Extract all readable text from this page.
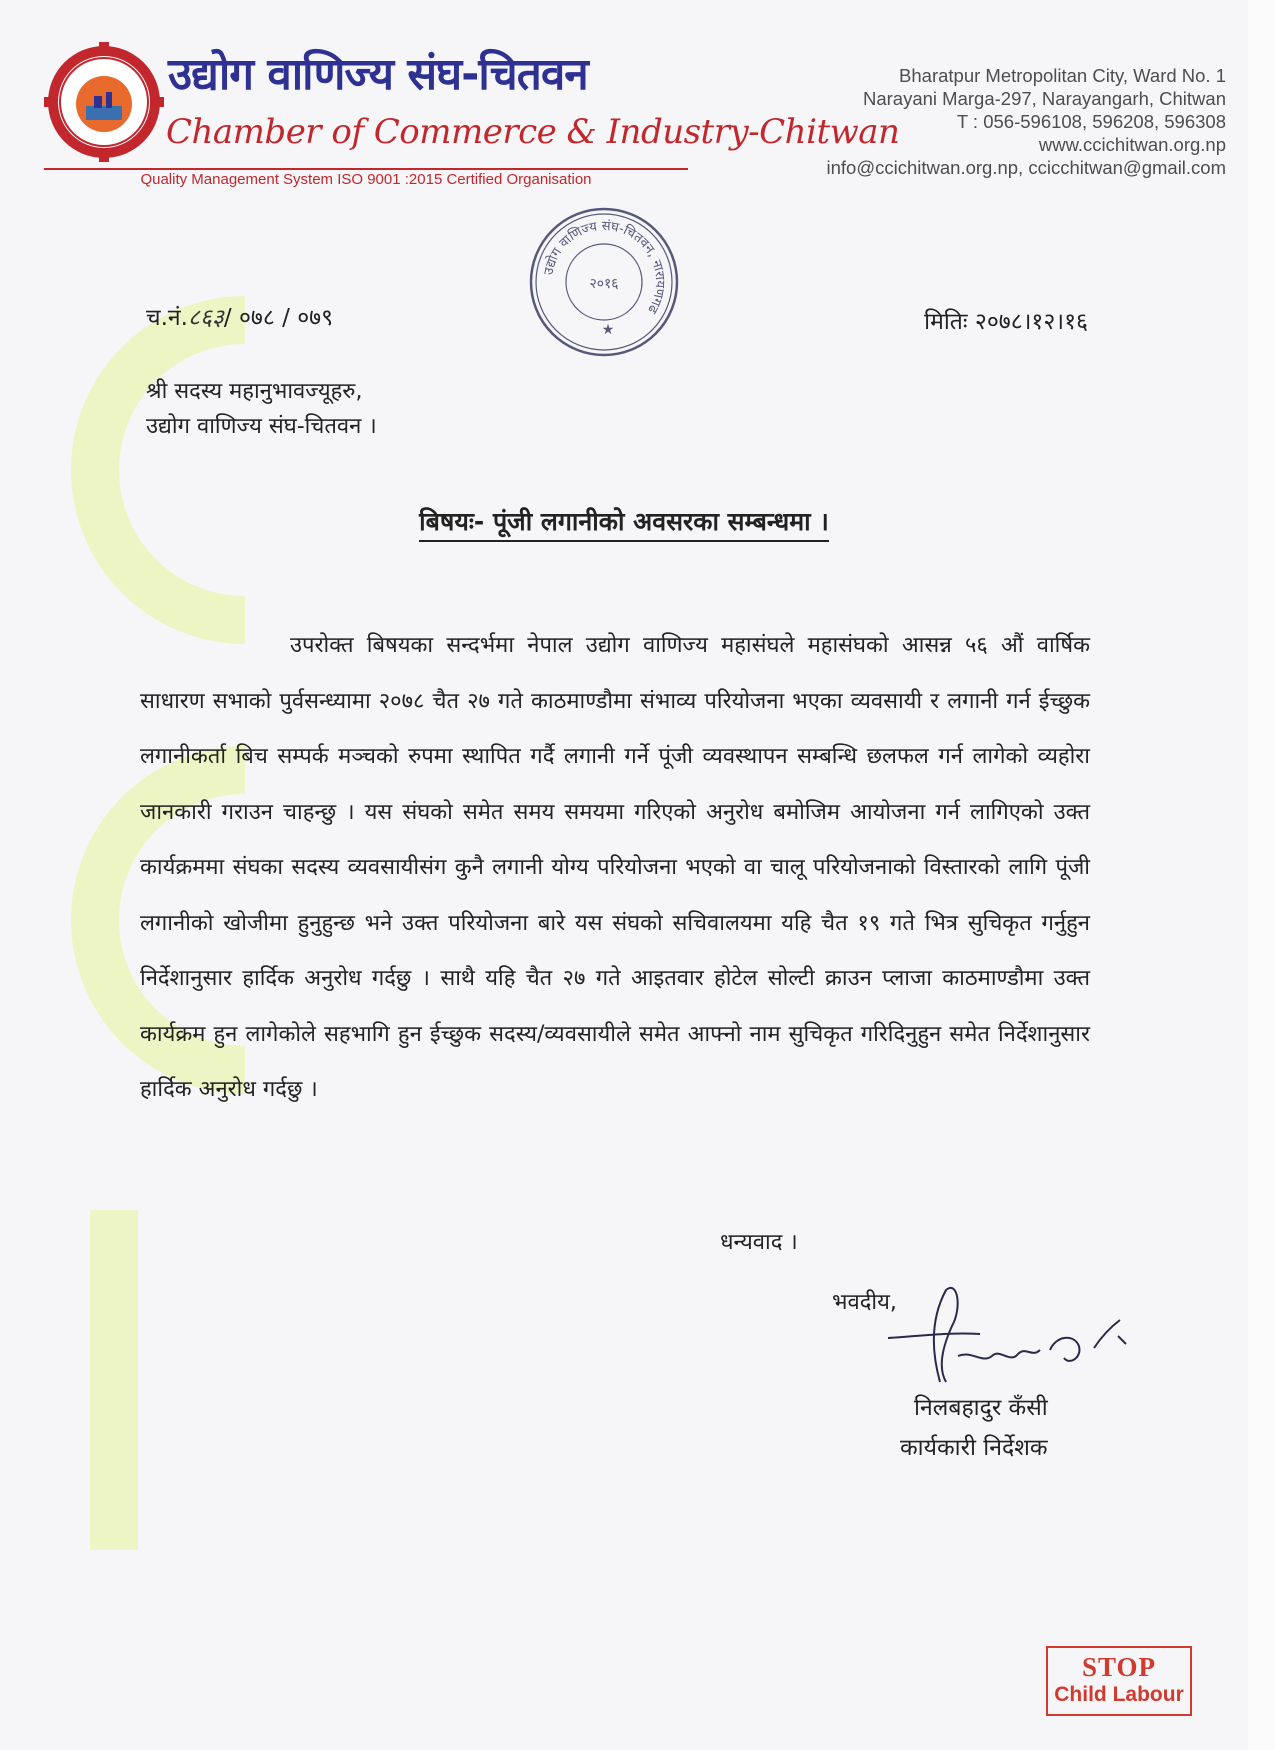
उद्योग वाणिज्य संघ-चितवन
Chamber of Commerce & Industry-Chitwan
Quality Management System ISO 9001 :2015 Certified Organisation
Bharatpur Metropolitan City, Ward No. 1
Narayani Marga-297, Narayangarh, Chitwan
T : 056-596108, 596208, 596308
www.ccichitwan.org.np
info@ccichitwan.org.np, ccicchitwan@gmail.com
उद्योग वाणिज्य संघ-चितवन, नारायणगढ
२०१६
★
च.नं.८६३/ ०७८ / ०७९	मितिः २०७८।१२।१६
श्री सदस्य महानुभावज्यूहरु,
उद्योग वाणिज्य संघ-चितवन ।
बिषयः- पूंजी लगानीको अवसरका सम्बन्धमा ।
उपरोक्त बिषयका सन्दर्भमा नेपाल उद्योग वाणिज्य महासंघले महासंघको आसन्न ५६ औं वार्षिक साधारण सभाको पुर्वसन्ध्यामा २०७८ चैत २७ गते काठमाण्डौमा संभाव्य परियोजना भएका व्यवसायी र लगानी गर्न ईच्छुक लगानीकर्ता बिच सम्पर्क मञ्चको रुपमा स्थापित गर्दै लगानी गर्ने पूंजी व्यवस्थापन सम्बन्धि छलफल गर्न लागेको व्यहोरा जानकारी गराउन चाहन्छु । यस संघको समेत समय समयमा गरिएको अनुरोध बमोजिम आयोजना गर्न लागिएको उक्त कार्यक्रममा संघका सदस्य व्यवसायीसंग कुनै लगानी योग्य परियोजना भएको वा चालू परियोजनाको विस्तारको लागि पूंजी लगानीको खोजीमा हुनुहुन्छ भने उक्त परियोजना बारे यस संघको सचिवालयमा यहि चैत १९ गते भित्र सुचिकृत गर्नुहुन निर्देशानुसार हार्दिक अनुरोध गर्दछु । साथै यहि चैत २७ गते आइतवार होटेल सोल्टी क्राउन प्लाजा काठमाण्डौमा उक्त कार्यक्रम हुन लागेकोले सहभागि हुन ईच्छुक सदस्य/व्यवसायीले समेत आफ्नो नाम सुचिकृत गरिदिनुहुन समेत निर्देशानुसार हार्दिक अनुरोध गर्दछु ।
धन्यवाद ।
भवदीय,
निलबहादुर कँसी
कार्यकारी निर्देशक
STOP
Child Labour
